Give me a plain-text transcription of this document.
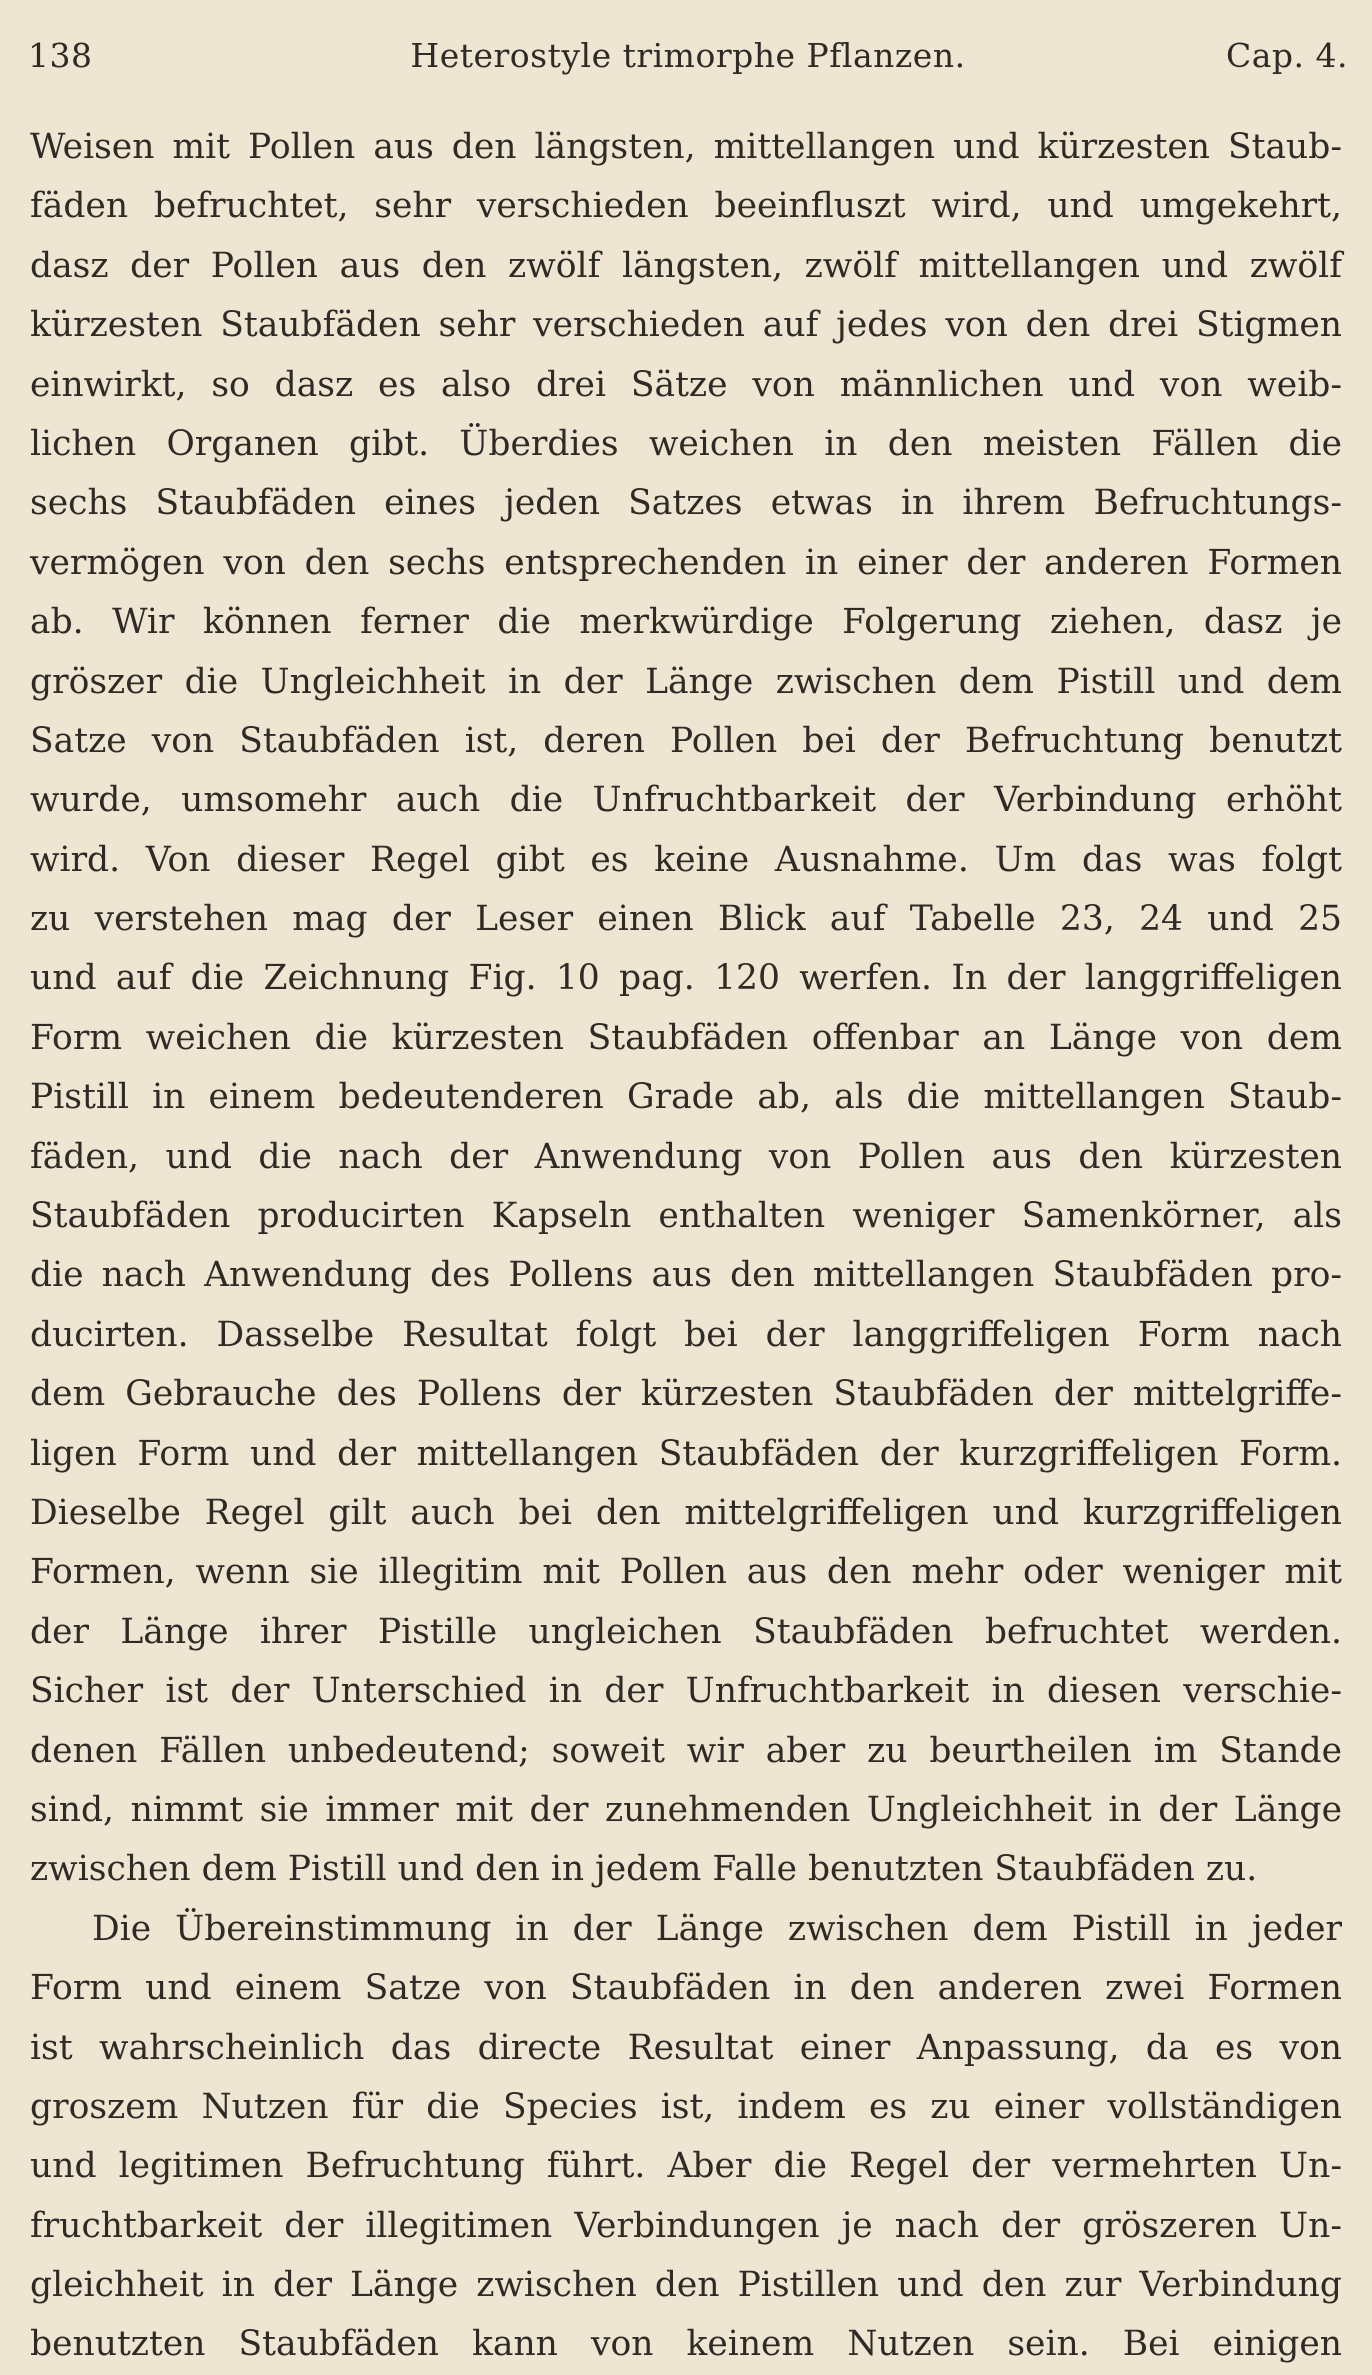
138	Heterostyle trimorphe Pflanzen.	Cap. 4.
Weisen mit Pollen aus den längsten, mittellangen und kürzesten Staub-
fäden befruchtet, sehr verschieden beeinfluszt wird, und umgekehrt,
dasz der Pollen aus den zwölf längsten, zwölf mittellangen und zwölf
kürzesten Staubfäden sehr verschieden auf jedes von den drei Stigmen
einwirkt, so dasz es also drei Sätze von männlichen und von weib-
lichen Organen gibt. Überdies weichen in den meisten Fällen die
sechs Staubfäden eines jeden Satzes etwas in ihrem Befruchtungs-
vermögen von den sechs entsprechenden in einer der anderen Formen
ab. Wir können ferner die merkwürdige Folgerung ziehen, dasz je
gröszer die Ungleichheit in der Länge zwischen dem Pistill und dem
Satze von Staubfäden ist, deren Pollen bei der Befruchtung benutzt
wurde, umsomehr auch die Unfruchtbarkeit der Verbindung erhöht
wird. Von dieser Regel gibt es keine Ausnahme. Um das was folgt
zu verstehen mag der Leser einen Blick auf Tabelle 23, 24 und 25
und auf die Zeichnung Fig. 10 pag. 120 werfen. In der langgriffeligen
Form weichen die kürzesten Staubfäden offenbar an Länge von dem
Pistill in einem bedeutenderen Grade ab, als die mittellangen Staub-
fäden, und die nach der Anwendung von Pollen aus den kürzesten
Staubfäden producirten Kapseln enthalten weniger Samenkörner, als
die nach Anwendung des Pollens aus den mittellangen Staubfäden pro-
ducirten. Dasselbe Resultat folgt bei der langgriffeligen Form nach
dem Gebrauche des Pollens der kürzesten Staubfäden der mittelgriffe-
ligen Form und der mittellangen Staubfäden der kurzgriffeligen Form.
Dieselbe Regel gilt auch bei den mittelgriffeligen und kurzgriffeligen
Formen, wenn sie illegitim mit Pollen aus den mehr oder weniger mit
der Länge ihrer Pistille ungleichen Staubfäden befruchtet werden.
Sicher ist der Unterschied in der Unfruchtbarkeit in diesen verschie-
denen Fällen unbedeutend; soweit wir aber zu beurtheilen im Stande
sind, nimmt sie immer mit der zunehmenden Ungleichheit in der Länge
zwischen dem Pistill und den in jedem Falle benutzten Staubfäden zu.
Die Übereinstimmung in der Länge zwischen dem Pistill in jeder
Form und einem Satze von Staubfäden in den anderen zwei Formen
ist wahrscheinlich das directe Resultat einer Anpassung, da es von
groszem Nutzen für die Species ist, indem es zu einer vollständigen
und legitimen Befruchtung führt. Aber die Regel der vermehrten Un-
fruchtbarkeit der illegitimen Verbindungen je nach der gröszeren Un-
gleichheit in der Länge zwischen den Pistillen und den zur Verbindung
benutzten Staubfäden kann von keinem Nutzen sein. Bei einigen
